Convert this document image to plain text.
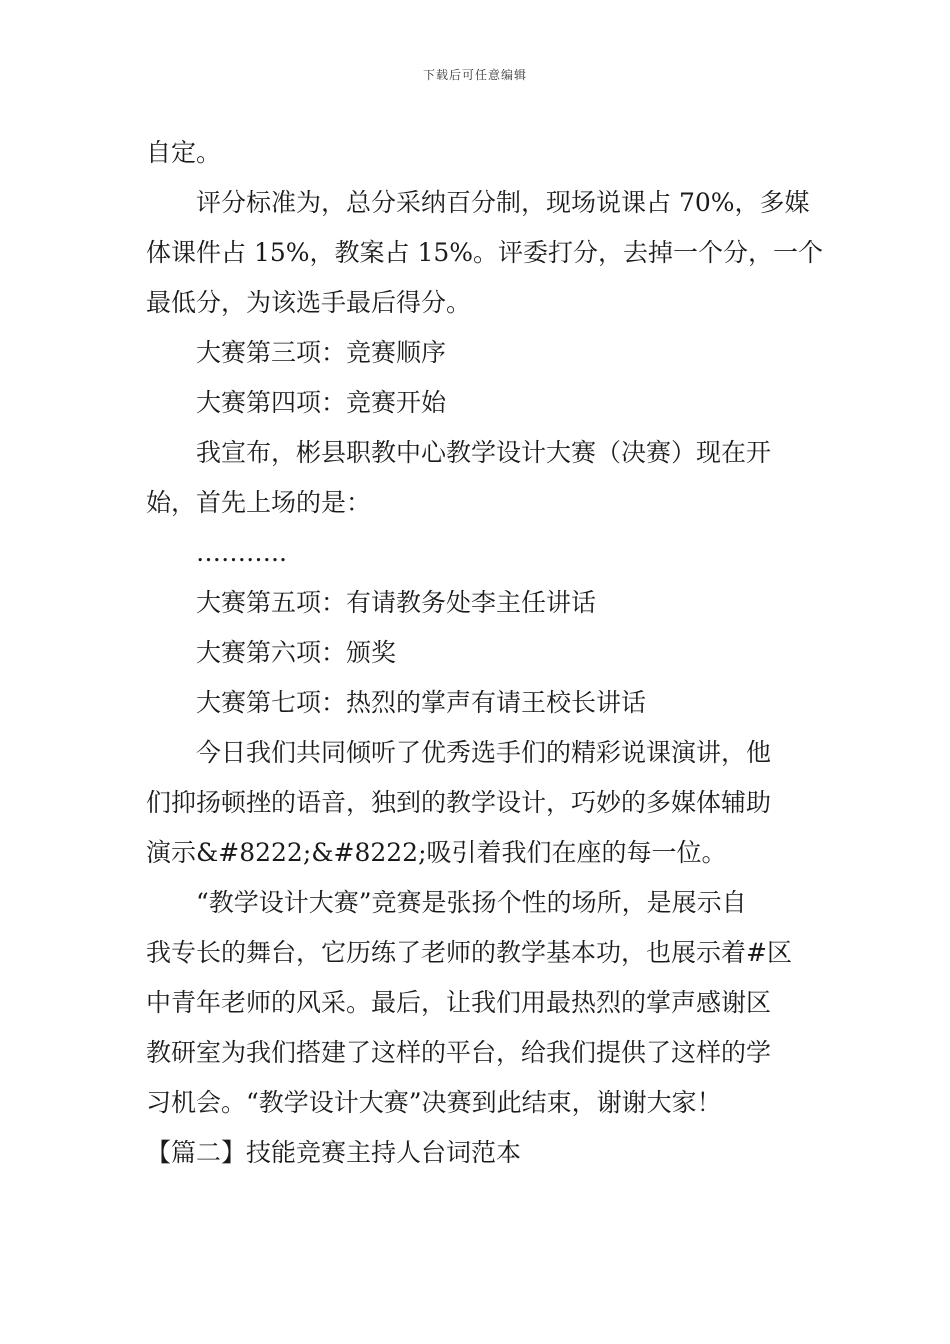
下载后可任意编辑
自定。
评分标准为，总分采纳百分制，现场说课占 70%，多媒
体课件占 15%，教案占 15%。评委打分，去掉一个分，一个
最低分，为该选手最后得分。
大赛第三项：竞赛顺序
大赛第四项：竞赛开始
我宣布，彬县职教中心教学设计大赛（决赛）现在开
始，首先上场的是：
………..
大赛第五项：有请教务处李主任讲话
大赛第六项：颁奖
大赛第七项：热烈的掌声有请王校长讲话
今日我们共同倾听了优秀选手们的精彩说课演讲，他
们抑扬顿挫的语音，独到的教学设计，巧妙的多媒体辅助
演示&#8222;&#8222;吸引着我们在座的每一位。
“教学设计大赛”竞赛是张扬个性的场所，是展示自
我专长的舞台，它历练了老师的教学基本功，也展示着#区
中青年老师的风采。最后，让我们用最热烈的掌声感谢区
教研室为我们搭建了这样的平台，给我们提供了这样的学
习机会。“教学设计大赛”决赛到此结束，谢谢大家！
【篇二】技能竞赛主持人台词范本
